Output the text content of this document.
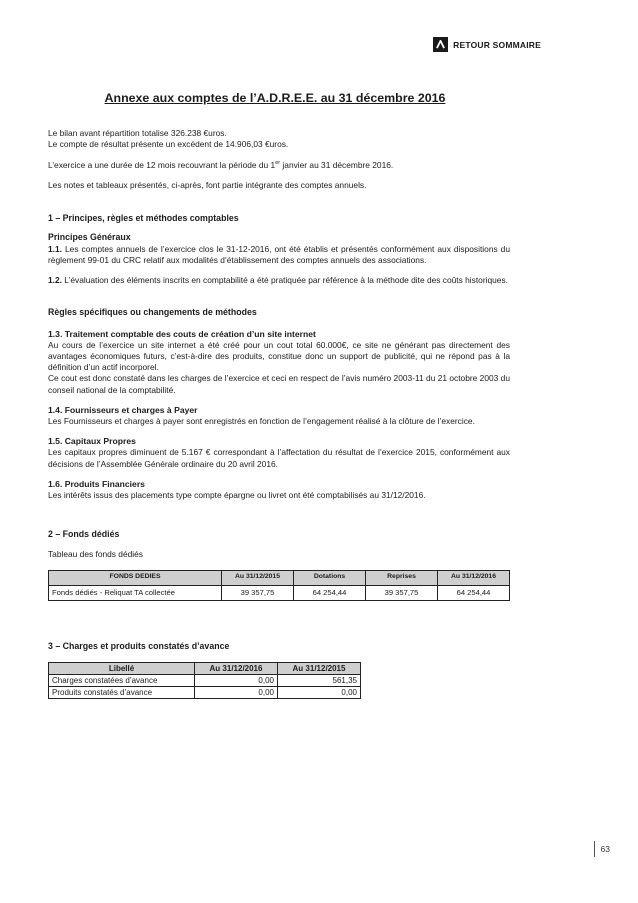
RETOUR SOMMAIRE
Annexe aux comptes de l’A.D.R.E.E. au 31 décembre 2016
Le bilan avant répartition totalise 326.238 €uros.
Le compte de résultat présente un excédent de 14.906,03 €uros.
L’exercice a une durée de 12 mois recouvrant la période du 1er janvier au 31 décembre 2016.
Les notes et tableaux présentés, ci-après, font partie intégrante des comptes annuels.
1 – Principes, règles et méthodes comptables
Principes Généraux
1.1. Les comptes annuels de l’exercice clos le 31-12-2016, ont été établis et présentés conformément aux dispositions du règlement 99-01 du CRC relatif aux modalités d’établissement des comptes annuels des associations.
1.2. L’évaluation des éléments inscrits en comptabilité a été pratiquée par référence à la méthode dite des coûts historiques.
Règles spécifiques ou changements de méthodes
1.3. Traitement comptable des couts de création d’un site internet
Au cours de l’exercice un site internet a été créé pour un cout total 60.000€, ce site ne générant pas directement des avantages économiques futurs, c’est-à-dire des produits, constitue donc un support de publicité, qui ne répond pas à la définition d’un actif incorporel.
Ce cout est donc constaté dans les charges de l’exercice et ceci en respect de l’avis numéro 2003-11 du 21 octobre 2003 du conseil national de la comptabilité.
1.4. Fournisseurs et charges à Payer
Les Fournisseurs et charges à payer sont enregistrés en fonction de l’engagement réalisé à la clôture de l’exercice.
1.5. Capitaux Propres
Les capitaux propres diminuent de 5.167 € correspondant à l’affectation du résultat de l’exercice 2015, conformément aux décisions de l’Assemblée Générale ordinaire du 20 avril 2016.
1.6. Produits Financiers
Les intérêts issus des placements type compte épargne ou livret ont été comptabilisés au 31/12/2016.
2 – Fonds dédiés
Tableau des fonds dédiés
FONDS DEDIES	Au 31/12/2015	Dotations	Reprises	Au 31/12/2016
Fonds dédiés - Reliquat TA collectée	39 357,75	64 254,44	39 357,75	64 254,44
3 – Charges et produits constatés d’avance
Libellé	Au 31/12/2016	Au 31/12/2015
Charges constatées d’avance	0,00	561,35
Produits constatés d’avance	0,00	0,00
63
